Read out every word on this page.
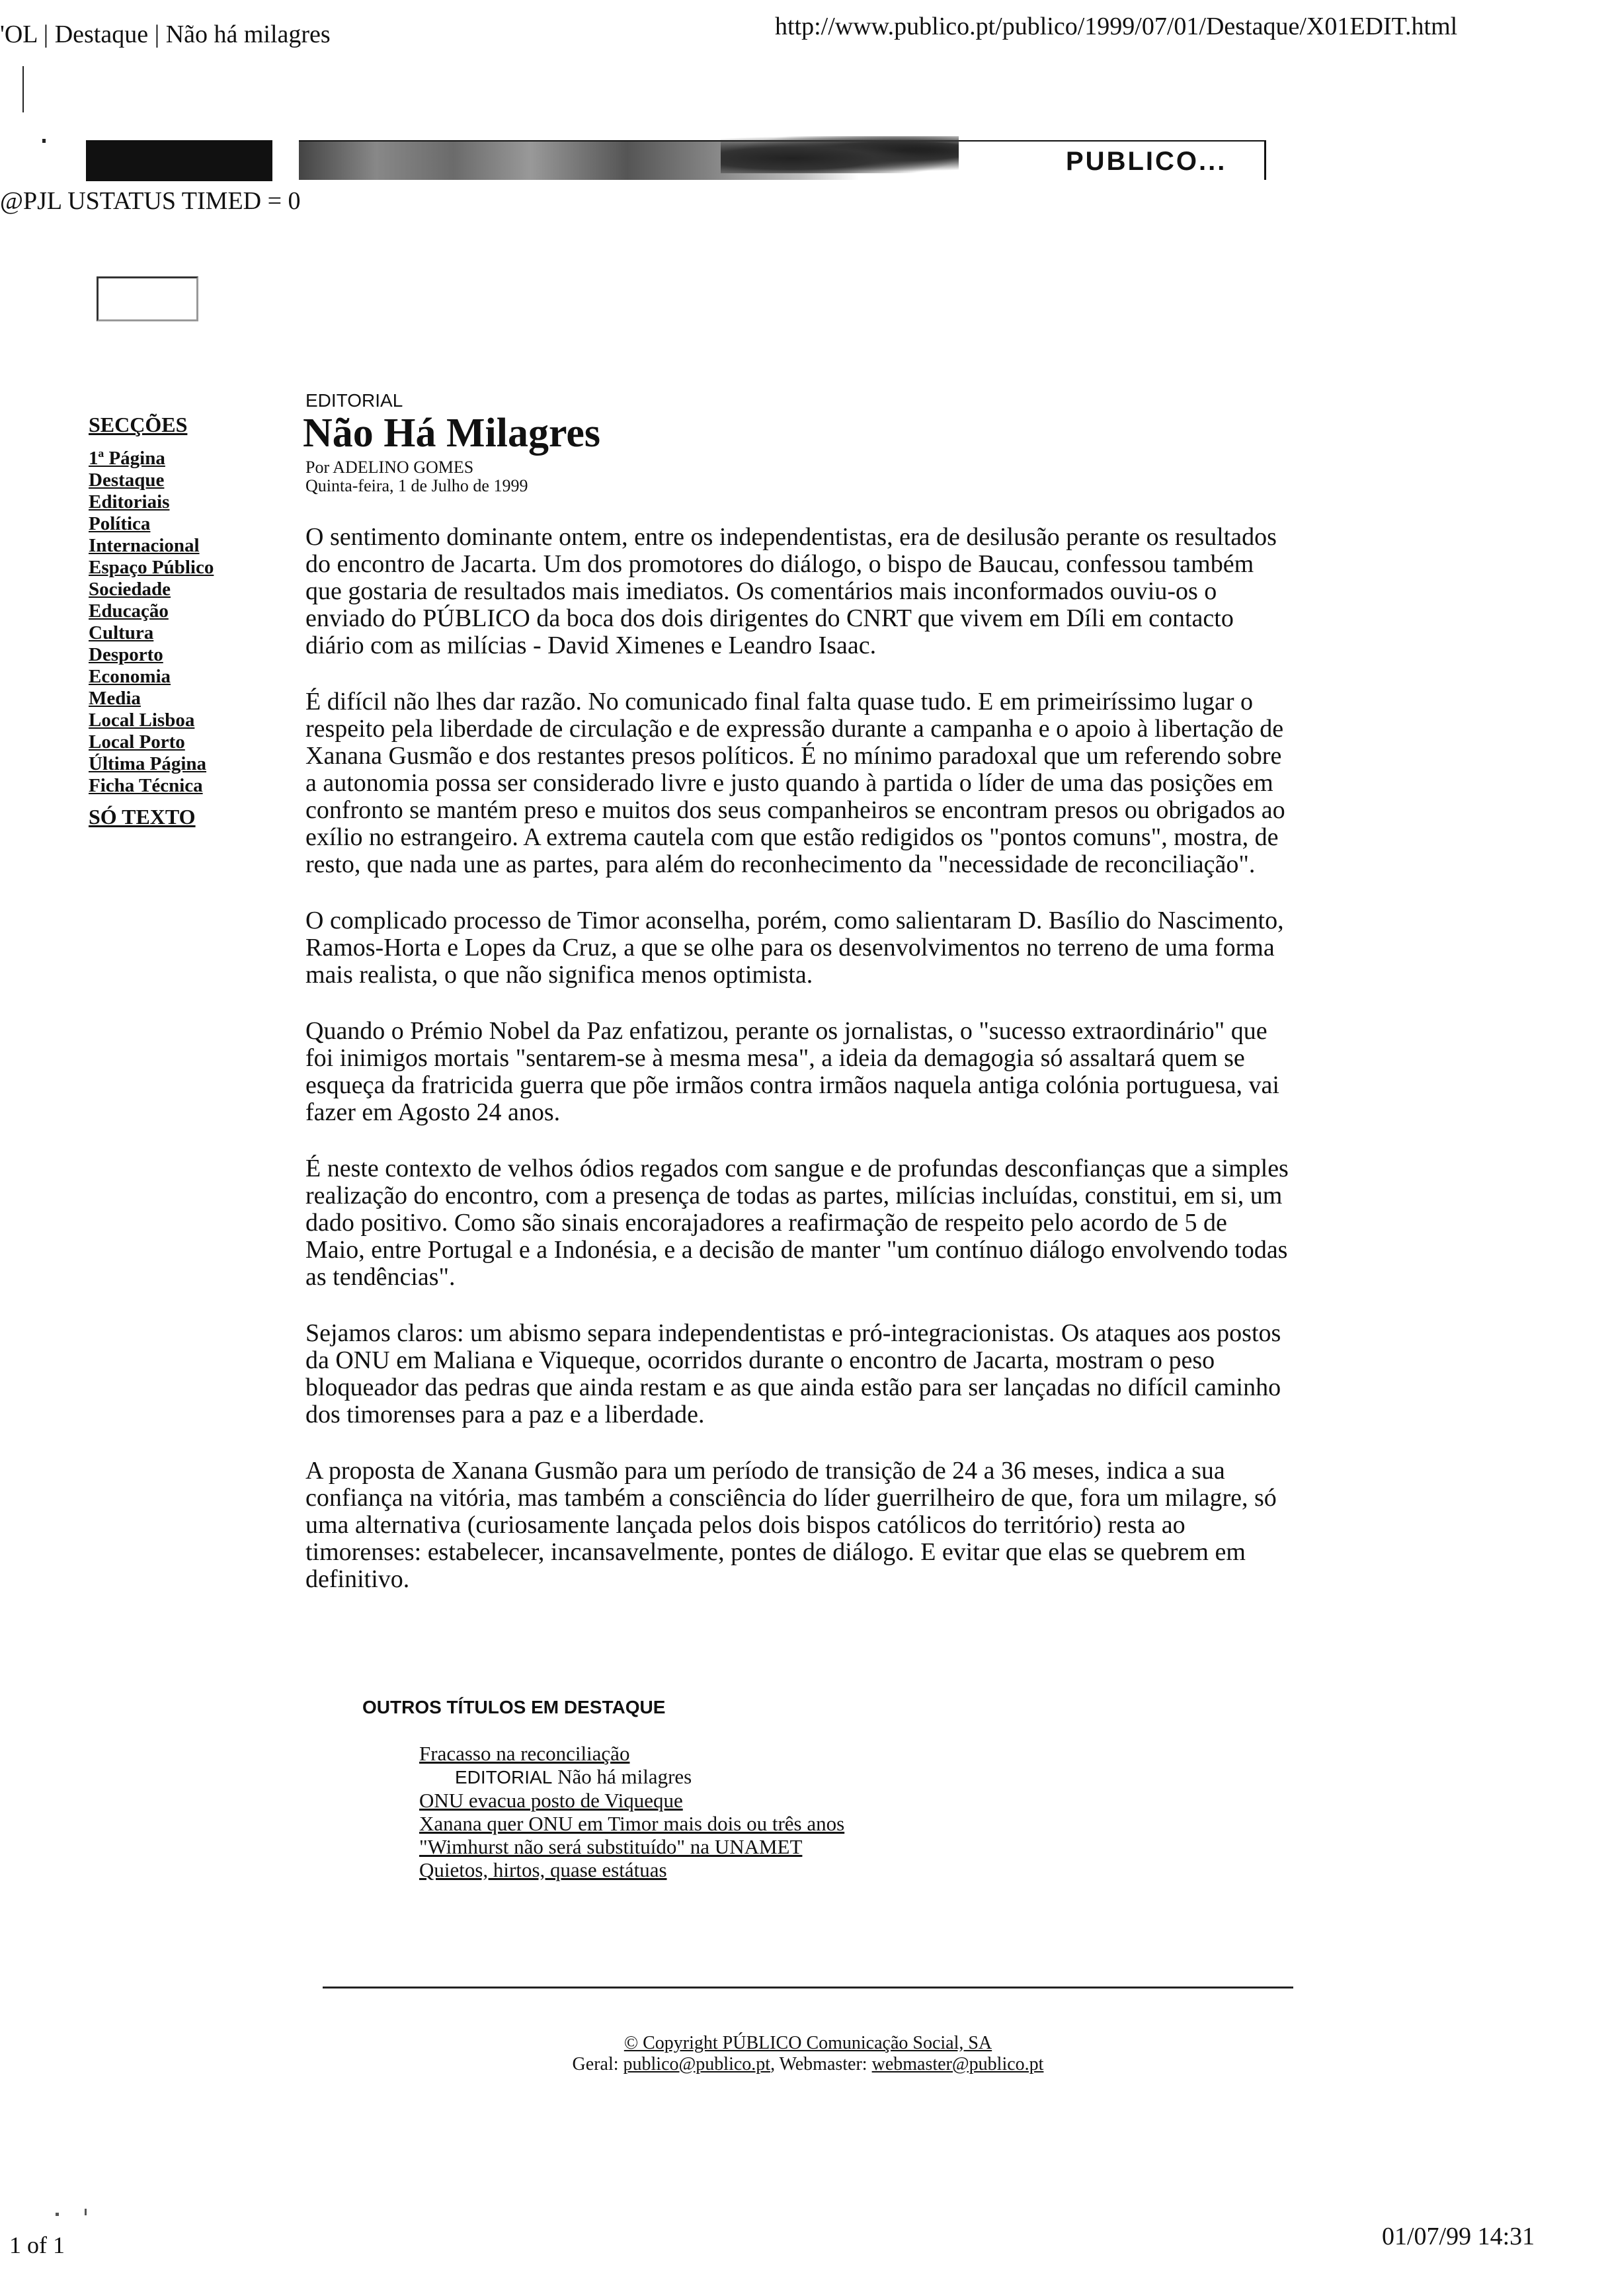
'OL | Destaque | Não há milagres	http://www.publico.pt/publico/1999/07/01/Destaque/X01EDIT.html
PUBLICO...
@PJL USTATUS TIMED = 0
SECÇÕES
1ª Página
Destaque
Editoriais
Política
Internacional
Espaço Público
Sociedade
Educação
Cultura
Desporto
Economia
Media
Local Lisboa
Local Porto
Última Página
Ficha Técnica
SÓ TEXTO
EDITORIAL
Não Há Milagres
Por ADELINO GOMES
Quinta-feira, 1 de Julho de 1999

O sentimento dominante ontem, entre os independentistas, era de desilusão perante os resultados do encontro de Jacarta. Um dos promotores do diálogo, o bispo de Baucau, confessou também que gostaria de resultados mais imediatos. Os comentários mais inconformados ouviu-os o enviado do PÚBLICO da boca dos dois dirigentes do CNRT que vivem em Díli em contacto diário com as milícias - David Ximenes e Leandro Isaac.

É difícil não lhes dar razão. No comunicado final falta quase tudo. E em primeiríssimo lugar o respeito pela liberdade de circulação e de expressão durante a campanha e o apoio à libertação de Xanana Gusmão e dos restantes presos políticos. É no mínimo paradoxal que um referendo sobre a autonomia possa ser considerado livre e justo quando à partida o líder de uma das posições em confronto se mantém preso e muitos dos seus companheiros se encontram presos ou obrigados ao exílio no estrangeiro. A extrema cautela com que estão redigidos os "pontos comuns", mostra, de resto, que nada une as partes, para além do reconhecimento da "necessidade de reconciliação".

O complicado processo de Timor aconselha, porém, como salientaram D. Basílio do Nascimento, Ramos-Horta e Lopes da Cruz, a que se olhe para os desenvolvimentos no terreno de uma forma mais realista, o que não significa menos optimista.

Quando o Prémio Nobel da Paz enfatizou, perante os jornalistas, o "sucesso extraordinário" que foi inimigos mortais "sentarem-se à mesma mesa", a ideia da demagogia só assaltará quem se esqueça da fratricida guerra que põe irmãos contra irmãos naquela antiga colónia portuguesa, vai fazer em Agosto 24 anos.

É neste contexto de velhos ódios regados com sangue e de profundas desconfianças que a simples realização do encontro, com a presença de todas as partes, milícias incluídas, constitui, em si, um dado positivo. Como são sinais encorajadores a reafirmação de respeito pelo acordo de 5 de Maio, entre Portugal e a Indonésia, e a decisão de manter "um contínuo diálogo envolvendo todas as tendências".

Sejamos claros: um abismo separa independentistas e pró-integracionistas. Os ataques aos postos da ONU em Maliana e Viqueque, ocorridos durante o encontro de Jacarta, mostram o peso bloqueador das pedras que ainda restam e as que ainda estão para ser lançadas no difícil caminho dos timorenses para a paz e a liberdade.

A proposta de Xanana Gusmão para um período de transição de 24 a 36 meses, indica a sua confiança na vitória, mas também a consciência do líder guerrilheiro de que, fora um milagre, só uma alternativa (curiosamente lançada pelos dois bispos católicos do território) resta ao timorenses: estabelecer, incansavelmente, pontes de diálogo. E evitar que elas se quebrem em definitivo.

OUTROS TÍTULOS EM DESTAQUE
Fracasso na reconciliação
EDITORIAL Não há milagres
ONU evacua posto de Viqueque
Xanana quer ONU em Timor mais dois ou três anos
"Wimhurst não será substituído" na UNAMET
Quietos, hirtos, quase estátuas
© Copyright PÚBLICO Comunicação Social, SA
Geral: publico@publico.pt, Webmaster: webmaster@publico.pt
1 of 1	01/07/99 14:31
